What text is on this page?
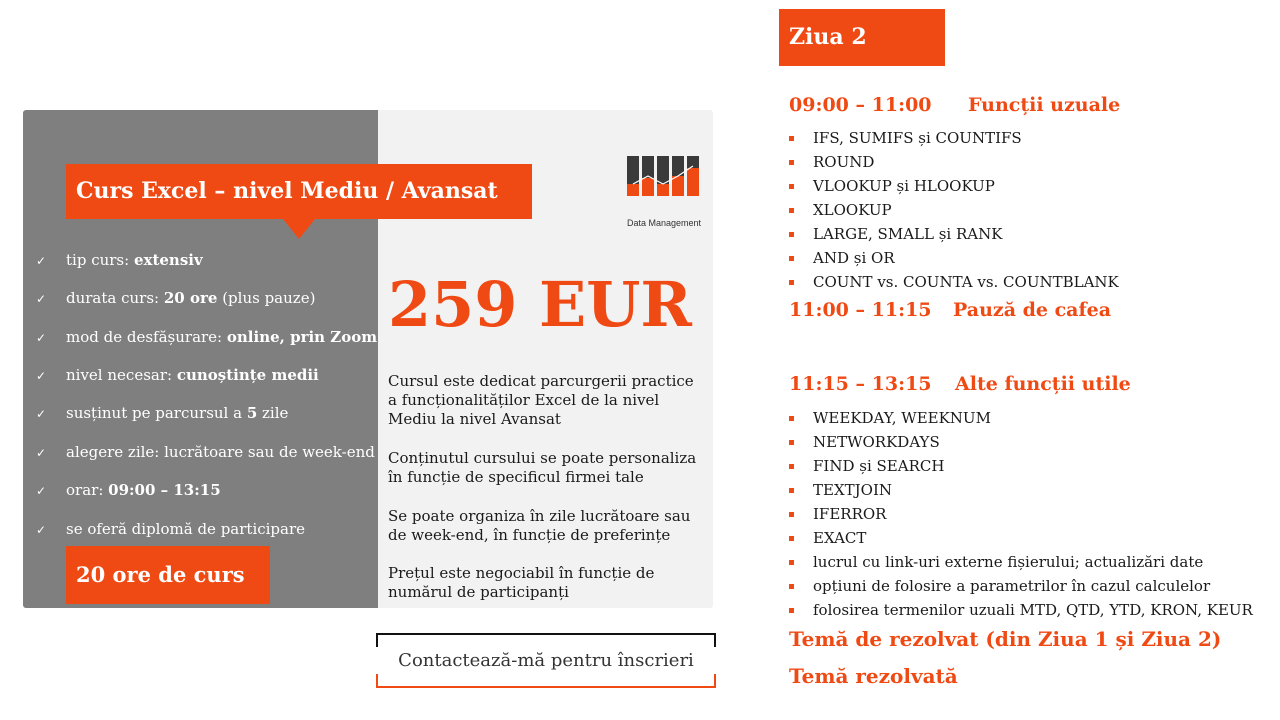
Curs Excel – nivel Mediu / Avansat
✓ tip curs: extensiv
✓ durata curs: 20 ore (plus pauze)
✓ mod de desfășurare: online, prin Zoom
✓ nivel necesar: cunoștințe medii
✓ susținut pe parcursul a 5 zile
✓ alegere zile: lucrătoare sau de week-end
✓ orar: 09:00 – 13:15
✓ se oferă diplomă de participare
20 ore de curs
Data Management
259 EUR
Cursul este dedicat parcurgerii practice a funcționalităților Excel de la nivel Mediu la nivel Avansat
Conținutul cursului se poate personaliza în funcție de specificul firmei tale
Se poate organiza în zile lucrătoare sau de week-end, în funcție de preferințe
Prețul este negociabil în funcție de numărul de participanți
Contactează-mă pentru înscrieri
Ziua 2
09:00 – 11:00 Funcții uzuale
IFS, SUMIFS și COUNTIFS
ROUND
VLOOKUP și HLOOKUP
XLOOKUP
LARGE, SMALL și RANK
AND și OR
COUNT vs. COUNTA vs. COUNTBLANK
11:00 – 11:15 Pauză de cafea
11:15 – 13:15 Alte funcții utile
WEEKDAY, WEEKNUM
NETWORKDAYS
FIND și SEARCH
TEXTJOIN
IFERROR
EXACT
lucrul cu link-uri externe fișierului; actualizări date
opțiuni de folosire a parametrilor în cazul calculelor
folosirea termenilor uzuali MTD, QTD, YTD, KRON, KEUR
Temă de rezolvat (din Ziua 1 și Ziua 2)
Temă rezolvată
